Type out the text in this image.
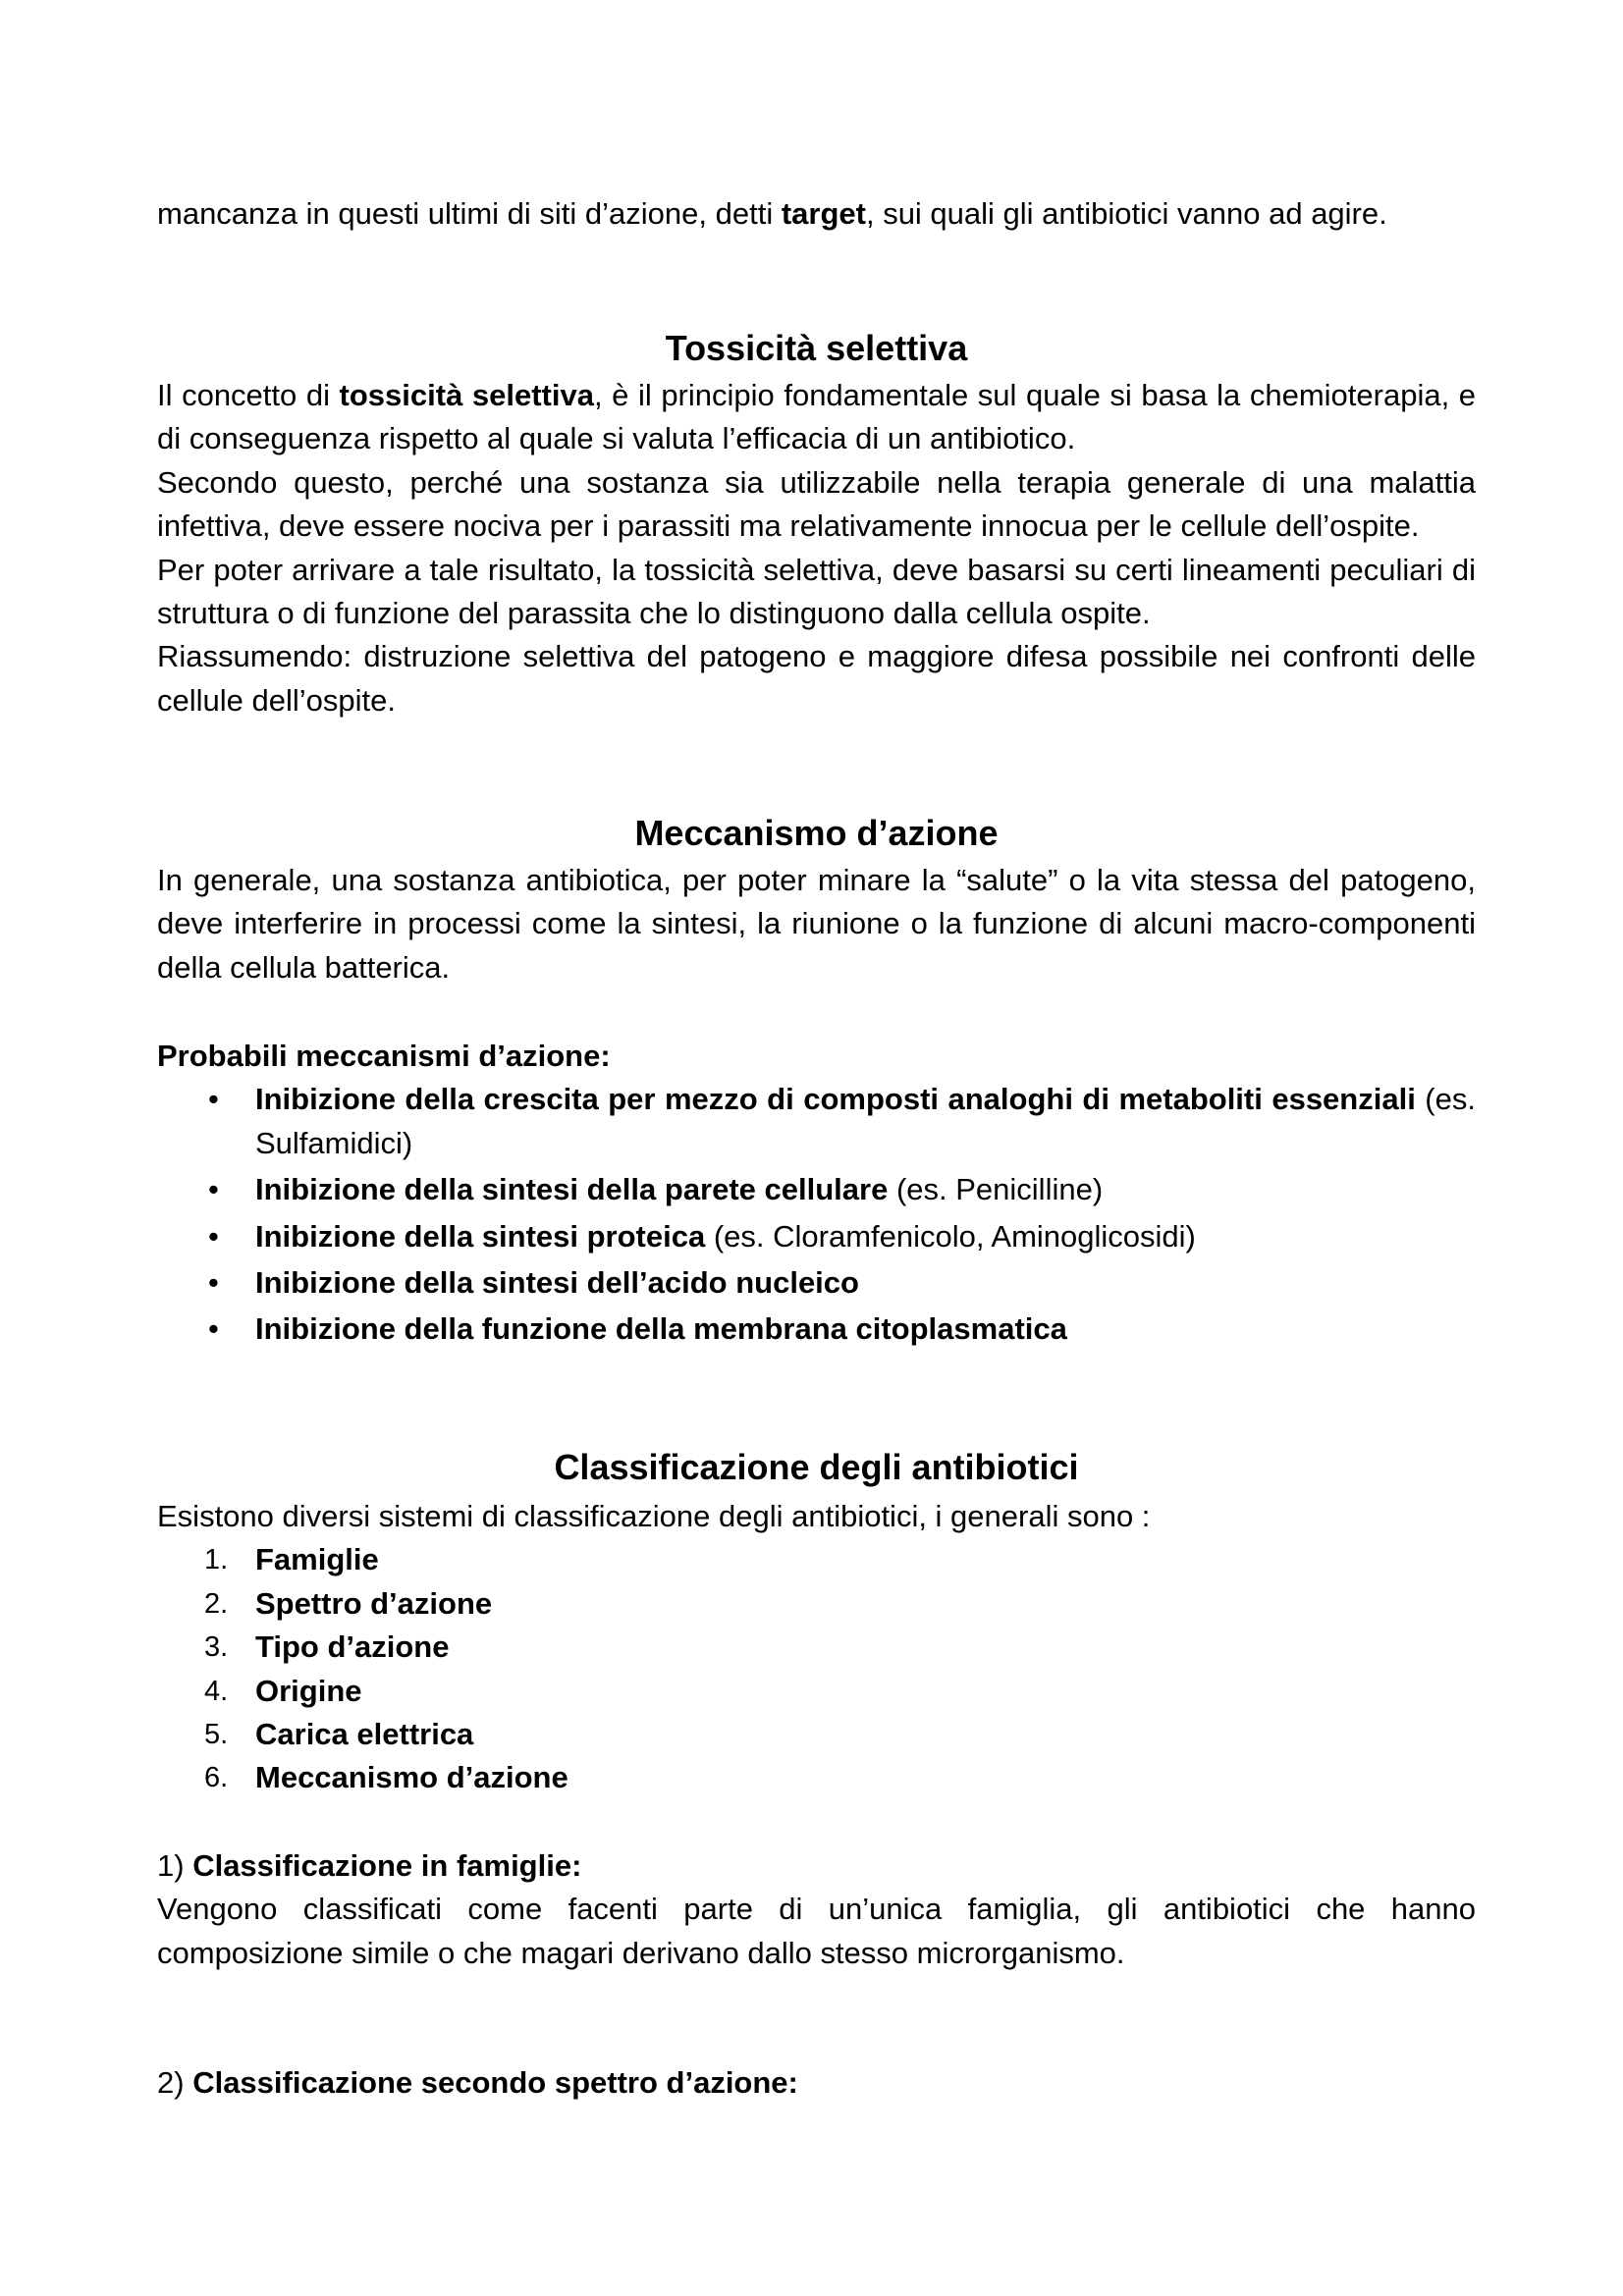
mancanza in questi ultimi di siti d’azione, detti target, sui quali gli antibiotici vanno ad agire.

Tossicità selettiva

Il concetto di tossicità selettiva, è il principio fondamentale sul quale si basa la chemioterapia, e di conseguenza rispetto al quale si valuta l’efficacia di un antibiotico.

Secondo questo, perché una sostanza sia utilizzabile nella terapia generale di una malattia infettiva, deve essere nociva per i parassiti ma relativamente innocua per le cellule dell’ospite.

Per poter arrivare a tale risultato, la tossicità selettiva, deve basarsi su certi lineamenti peculiari di struttura o di funzione del parassita che lo distinguono dalla cellula ospite.

Riassumendo: distruzione selettiva del patogeno e maggiore difesa possibile nei confronti delle cellule dell’ospite.

Meccanismo d’azione

In generale, una sostanza antibiotica, per poter minare la “salute” o la vita stessa del patogeno, deve interferire in processi come la sintesi, la riunione o la funzione di alcuni macro-componenti della cellula batterica.

Probabili meccanismi d’azione:

• Inibizione della crescita per mezzo di composti analoghi di metaboliti essenziali (es. Sulfamidici)
• Inibizione della sintesi della parete cellulare (es. Penicilline)
• Inibizione della sintesi proteica (es. Cloramfenicolo, Aminoglicosidi)
• Inibizione della sintesi dell’acido nucleico
• Inibizione della funzione della membrana citoplasmatica
Classificazione degli antibiotici

Esistono diversi sistemi di classificazione degli antibiotici, i generali sono :

1. Famiglie
2. Spettro d’azione
3. Tipo d’azione
4. Origine
5. Carica elettrica
6. Meccanismo d’azione

1) Classificazione in famiglie:

Vengono classificati come facenti parte di un’unica famiglia, gli antibiotici che hanno composizione simile o che magari derivano dallo stesso microrganismo.

2) Classificazione secondo spettro d’azione:
